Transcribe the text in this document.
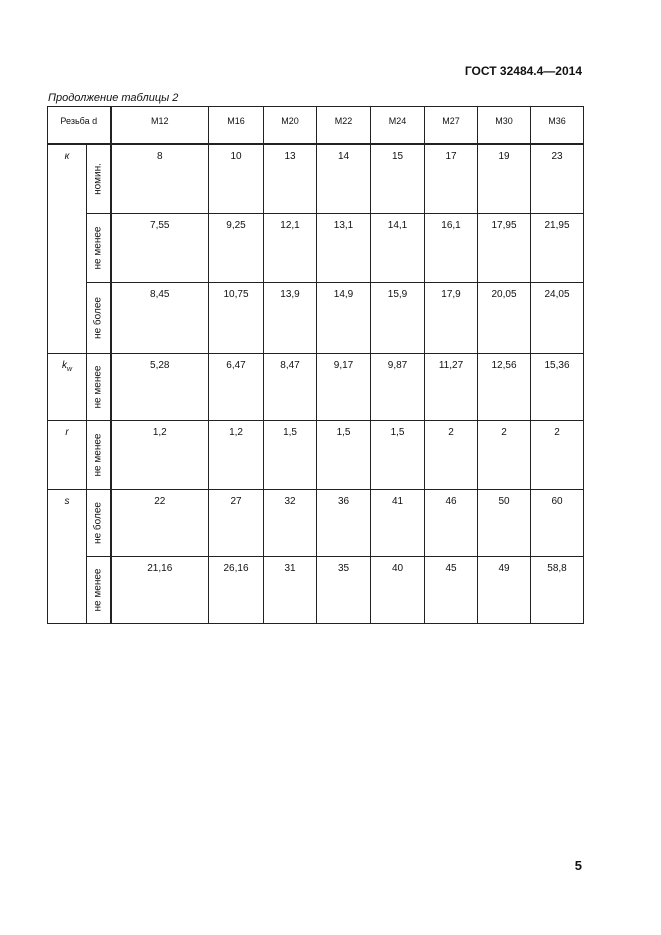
ГОСТ 32484.4—2014
Продолжение таблицы 2
Резьба d		M12	M16	M20	M22	M24	M27	M30	M36
к	номин.	8	10	13	14	15	17	19	23

	не менее	7,55	9,25	12,1	13,1	14,1	16,1	17,95	21,95

	не более	8,45	10,75	13,9	14,9	15,9	17,9	20,05	24,05
$k_w$	не менее	5,28	6,47	8,47	9,17	9,87	11,27	12,56	15,36
r	не менее	1,2	1,2	1,5	1,5	1,5	2	2	2
s	не более	22	27	32	36	41	46	50	60

	не менее	21,16	26,16	31	35	40	45	49	58,8
5
